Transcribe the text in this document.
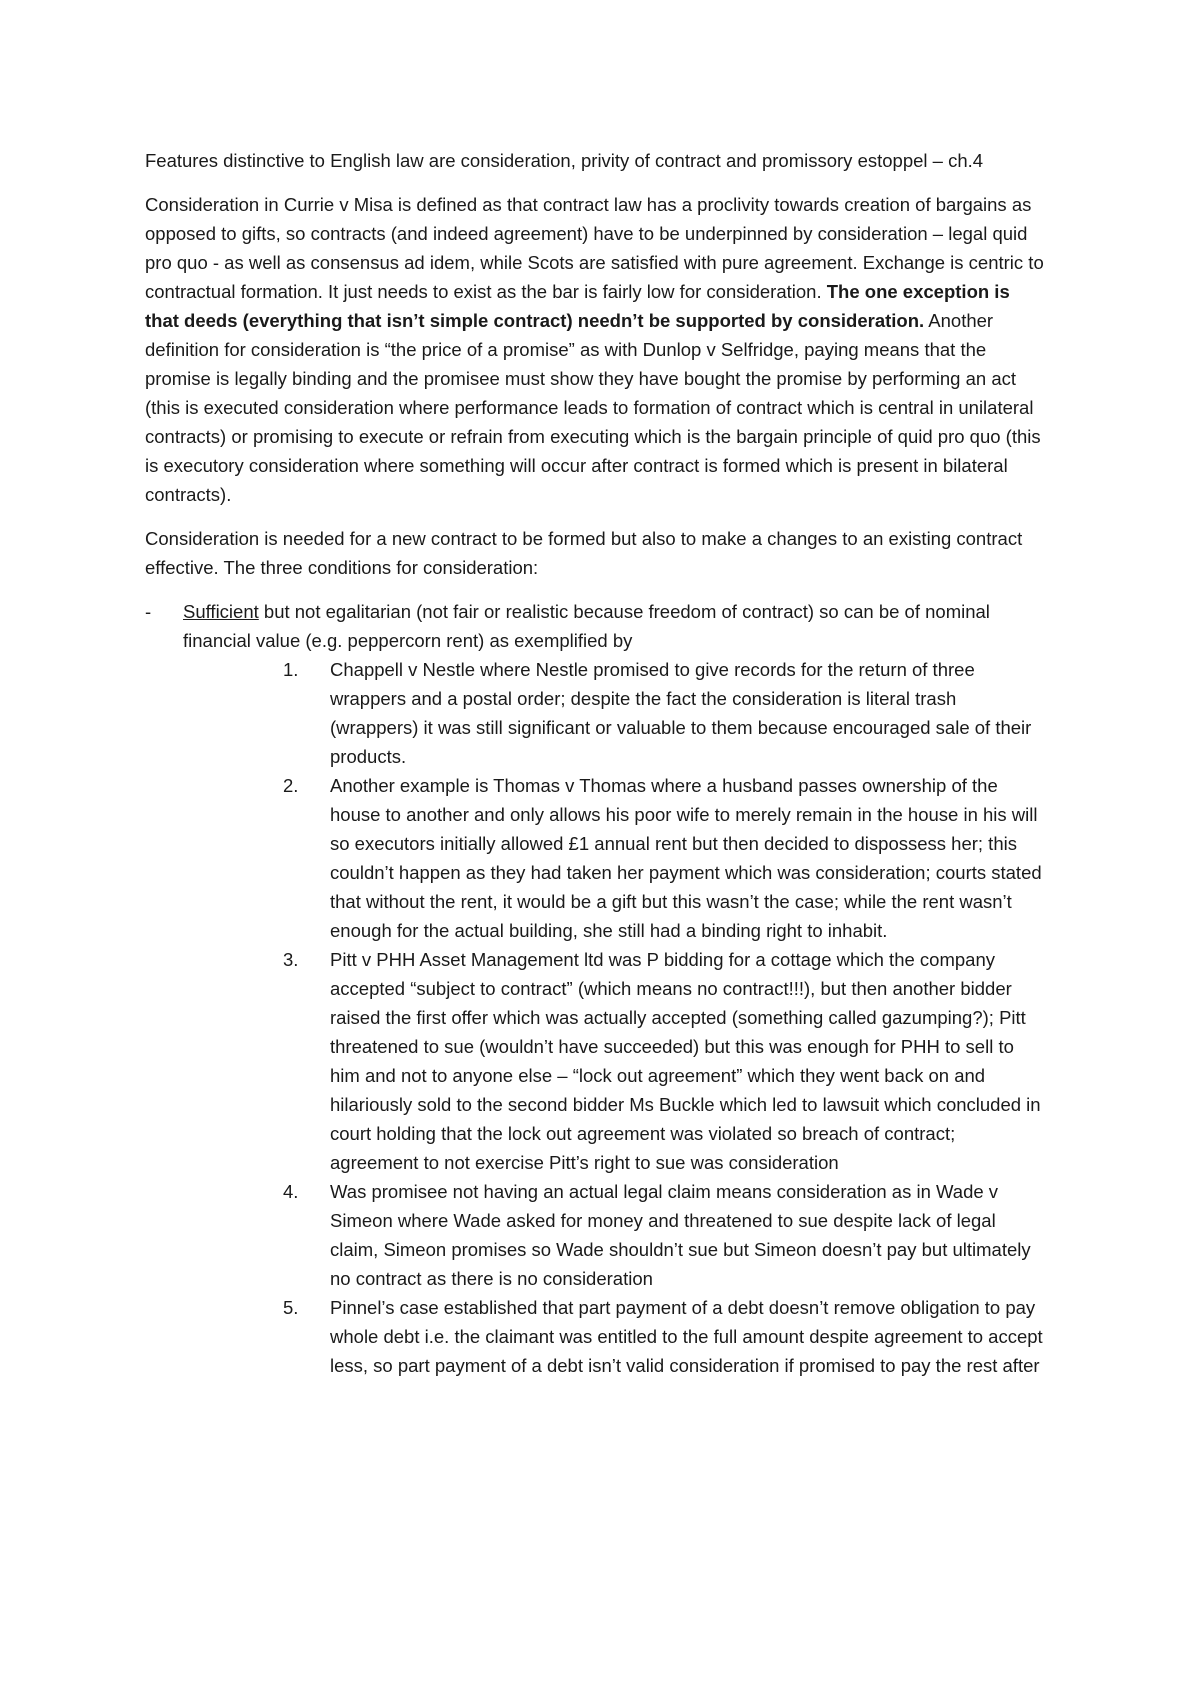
Features distinctive to English law are consideration, privity of contract and promissory estoppel – ch.4

Consideration in Currie v Misa is defined as that contract law has a proclivity towards creation of bargains as opposed to gifts, so contracts (and indeed agreement) have to be underpinned by consideration – legal quid pro quo - as well as consensus ad idem, while Scots are satisfied with pure agreement. Exchange is centric to contractual formation. It just needs to exist as the bar is fairly low for consideration. The one exception is that deeds (everything that isn’t simple contract) needn’t be supported by consideration. Another definition for consideration is “the price of a promise” as with Dunlop v Selfridge, paying means that the promise is legally binding and the promisee must show they have bought the promise by performing an act (this is executed consideration where performance leads to formation of contract which is central in unilateral contracts) or promising to execute or refrain from executing which is the bargain principle of quid pro quo (this is executory consideration where something will occur after contract is formed which is present in bilateral contracts).

Consideration is needed for a new contract to be formed but also to make a changes to an existing contract effective. The three conditions for consideration:

- Sufficient but not egalitarian (not fair or realistic because freedom of contract) so can be of nominal financial value (e.g. peppercorn rent) as exemplified by
1. Chappell v Nestle where Nestle promised to give records for the return of three wrappers and a postal order; despite the fact the consideration is literal trash (wrappers) it was still significant or valuable to them because encouraged sale of their products.
2. Another example is Thomas v Thomas where a husband passes ownership of the house to another and only allows his poor wife to merely remain in the house in his will so executors initially allowed £1 annual rent but then decided to dispossess her; this couldn’t happen as they had taken her payment which was consideration; courts stated that without the rent, it would be a gift but this wasn’t the case; while the rent wasn’t enough for the actual building, she still had a binding right to inhabit.
3. Pitt v PHH Asset Management ltd was P bidding for a cottage which the company accepted “subject to contract” (which means no contract!!!), but then another bidder raised the first offer which was actually accepted (something called gazumping?); Pitt threatened to sue (wouldn’t have succeeded) but this was enough for PHH to sell to him and not to anyone else – “lock out agreement” which they went back on and hilariously sold to the second bidder Ms Buckle which led to lawsuit which concluded in court holding that the lock out agreement was violated so breach of contract; agreement to not exercise Pitt’s right to sue was consideration
4. Was promisee not having an actual legal claim means consideration as in Wade v Simeon where Wade asked for money and threatened to sue despite lack of legal claim, Simeon promises so Wade shouldn’t sue but Simeon doesn’t pay but ultimately no contract as there is no consideration
5. Pinnel’s case established that part payment of a debt doesn’t remove obligation to pay whole debt i.e. the claimant was entitled to the full amount despite agreement to accept less, so part payment of a debt isn’t valid consideration if promised to pay the rest after
